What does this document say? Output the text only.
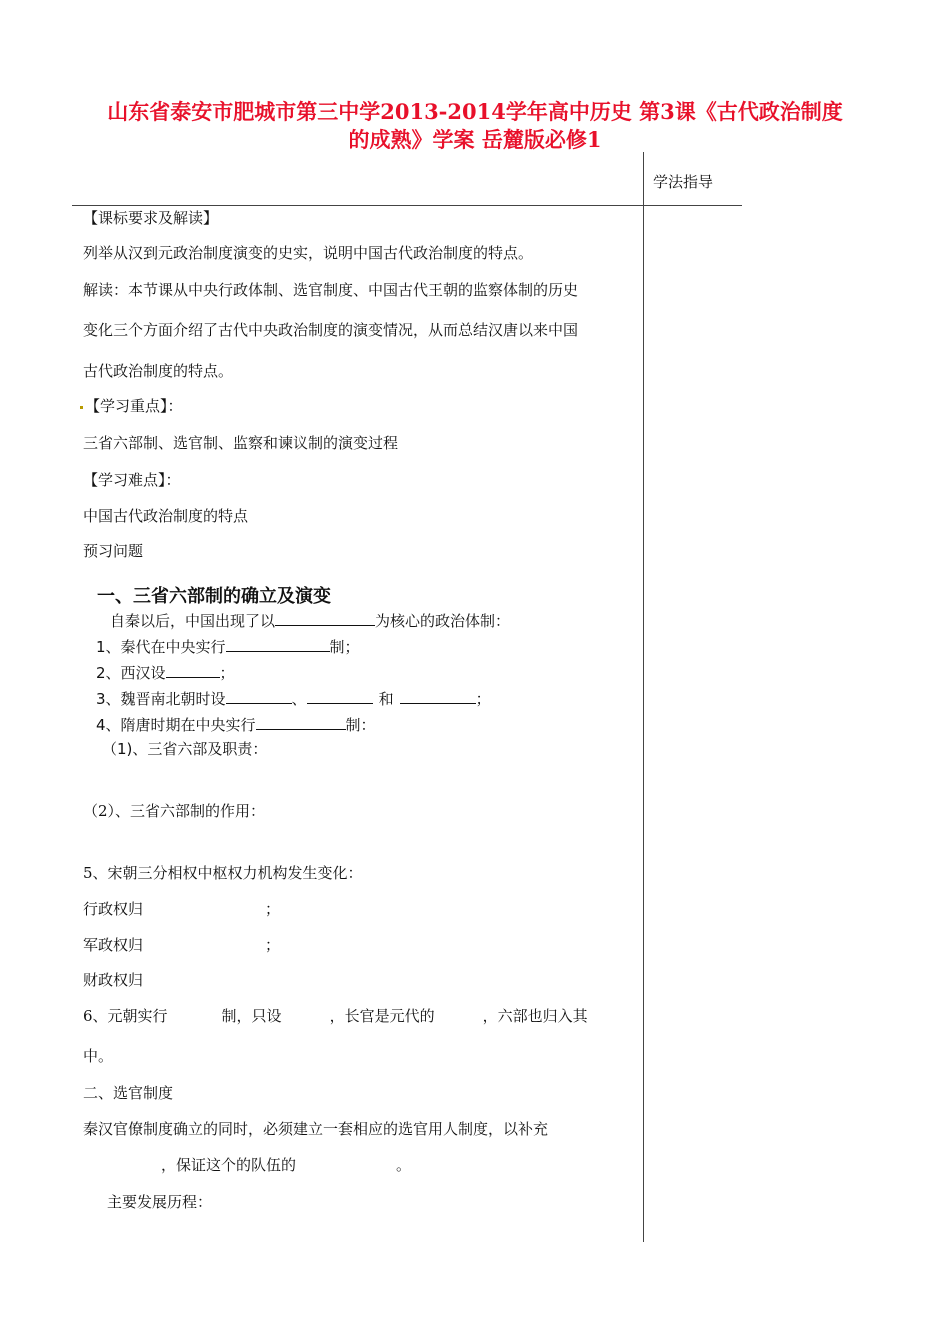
山东省泰安市肥城市第三中学2013-2014学年高中历史 第3课《古代政治制度
的成熟》学案 岳麓版必修1
学法指导
【课标要求及解读】
列举从汉到元政治制度演变的史实，说明中国古代政治制度的特点。
解读：本节课从中央行政体制、选官制度、中国古代王朝的监察体制的历史
变化三个方面介绍了古代中央政治制度的演变情况，从而总结汉唐以来中国
古代政治制度的特点。
【学习重点】：
三省六部制、选官制、监察和谏议制的演变过程
【学习难点】：
中国古代政治制度的特点
预习问题
一、三省六部制的确立及演变
自秦以后，中国出现了以	为核心的政治体制：
1、秦代在中央实行	制；
2、西汉设	；
3、魏晋南北朝时设	、	和	；
4、隋唐时期在中央实行	制：
（1)、三省六部及职责：
（2）、三省六部制的作用：
5、宋朝三分相权中枢权力机构发生变化：
行政权归	；
军政权归	；
财政权归
6、元朝实行	制，只设	，长官是元代的	，六部也归入其
中。
二、选官制度
秦汉官僚制度确立的同时，必须建立一套相应的选官用人制度，以补充
，保证这个的队伍的	。
主要发展历程：
